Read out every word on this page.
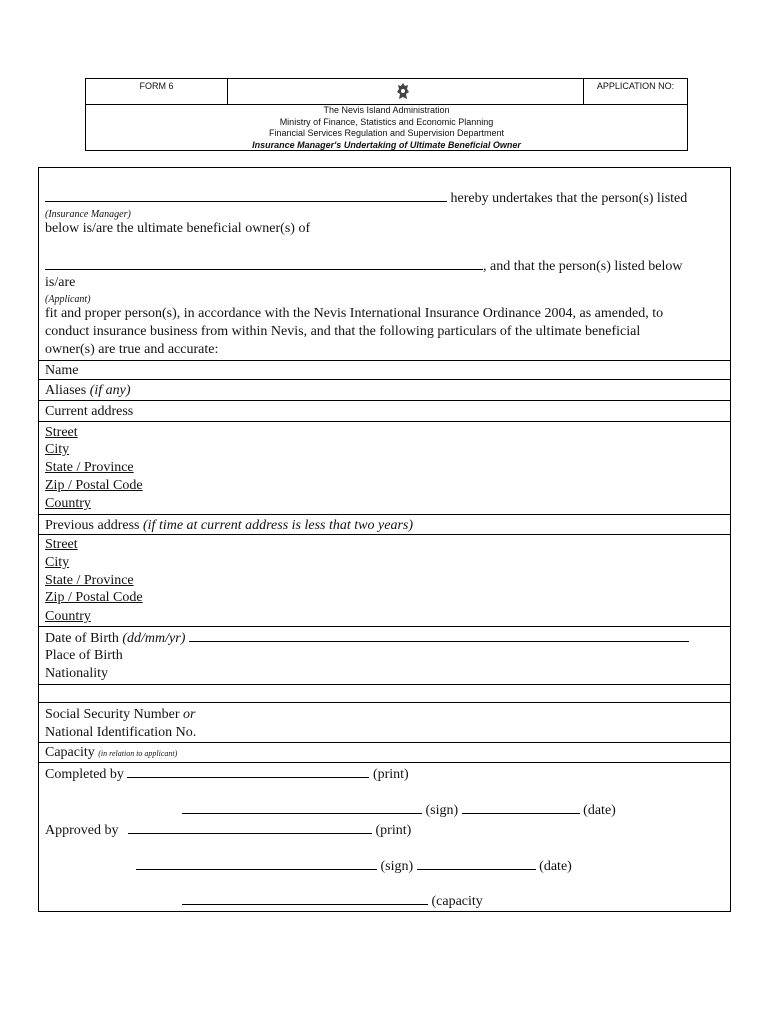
FORM 6	APPLICATION NO:
The Nevis Island Administration
Ministry of Finance, Statistics and Economic Planning
Financial Services Regulation and Supervision Department
Insurance Manager's Undertaking of Ultimate Beneficial Owner
hereby undertakes that the person(s) listed
(Insurance Manager)
below is/are the ultimate beneficial owner(s) of
, and that the person(s) listed below
is/are
(Applicant)
fit and proper person(s), in accordance with the Nevis International Insurance Ordinance 2004, as amended, to
conduct insurance business from within Nevis, and that the following particulars of the ultimate beneficial
owner(s) are true and accurate:
Name
Aliases (if any)
Current address
Street
City
State / Province
Zip / Postal Code
Country
Previous address (if time at current address is less that two years)
Street
City
State / Province
Zip / Postal Code
Country
Date of Birth (dd/mm/yr)
Place of Birth
Nationality
Social Security Number or
National Identification No.
Capacity (in relation to applicant)
Completed by	(print)
(sign)	(date)
Approved by	(print)
(sign)	(date)
(capacity
